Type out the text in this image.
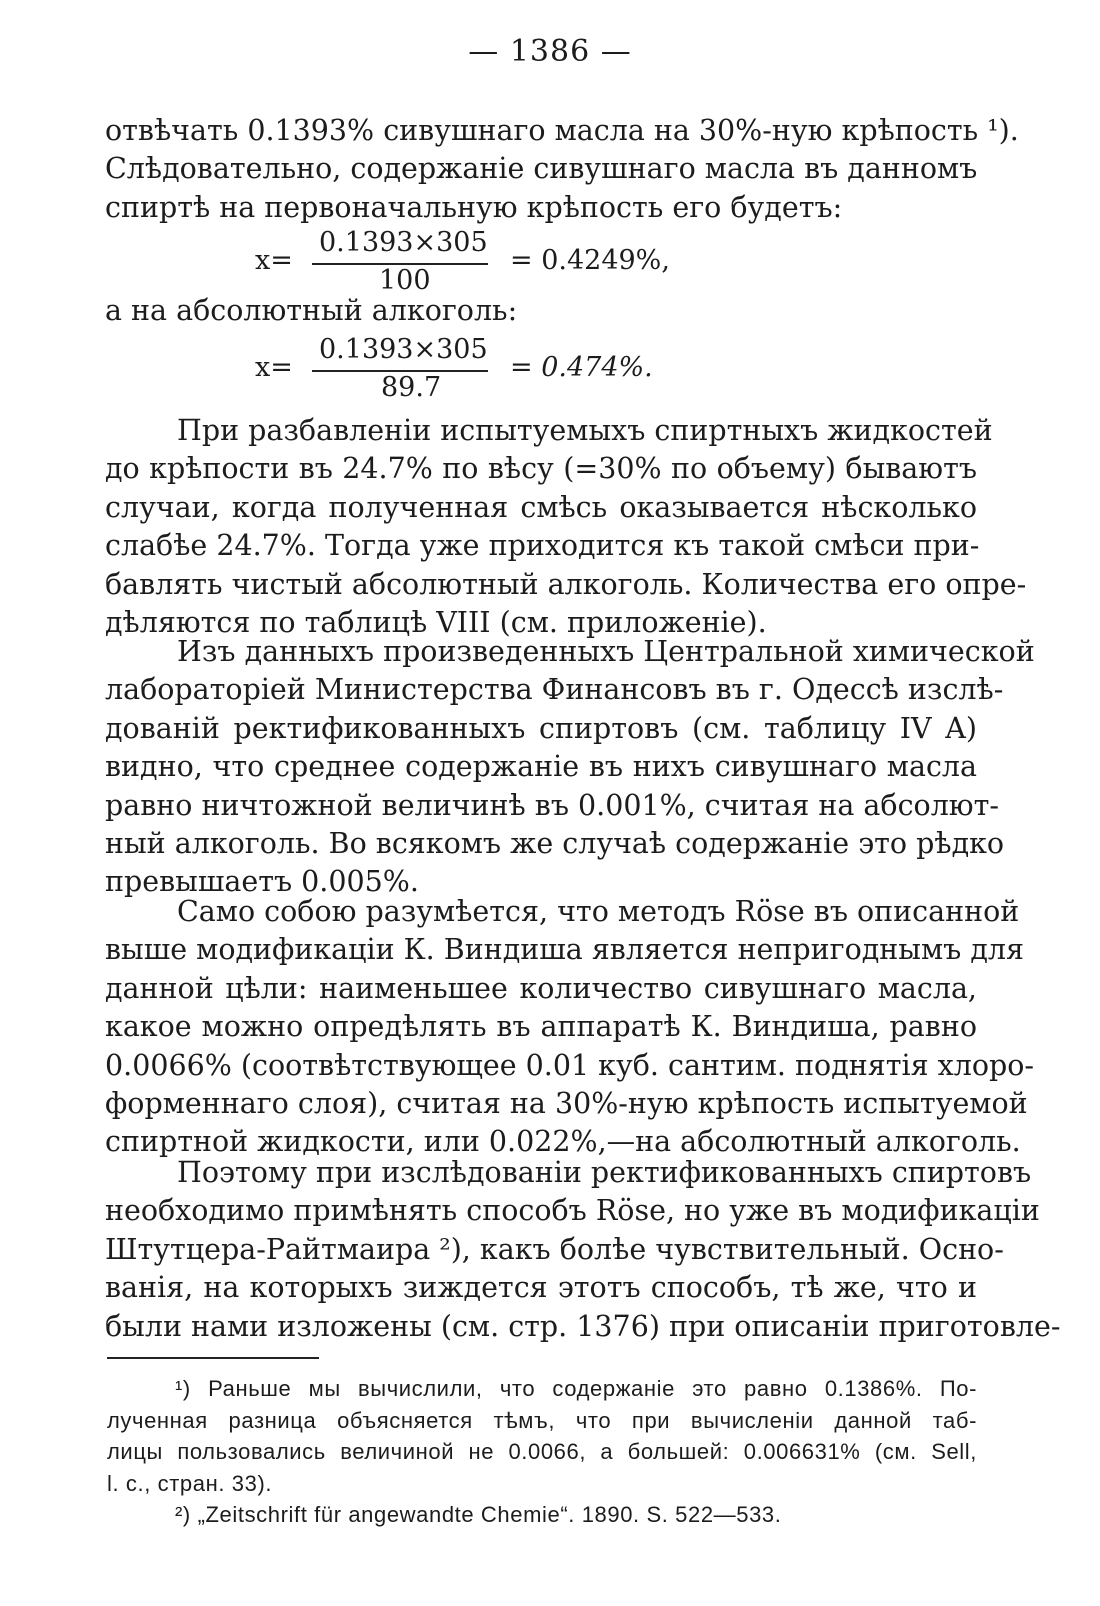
— 1386 —
отвѣчать 0.1393% сивушнаго масла на 30%-ную крѣпость ¹).
Слѣдовательно, содержаніе сивушнаго масла въ данномъ
спиртѣ на первоначальную крѣпость его будетъ:
x=
0.1393×305
100
= 0.4249%,
а на абсолютный алкоголь:
x=
0.1393×305
89.7
= 0.474%.
При разбавленіи испытуемыхъ спиртныхъ жидкостей
до крѣпости въ 24.7% по вѣсу (=30% по объему) бываютъ
случаи, когда полученная смѣсь оказывается нѣсколько
слабѣе 24.7%. Тогда уже приходится къ такой смѣси при-
бавлять чистый абсолютный алкоголь. Количества его опре-
дѣляются по таблицѣ VIII (см. приложеніе).
Изъ данныхъ произведенныхъ Центральной химической
лабораторіей Министерства Финансовъ въ г. Одессѣ изслѣ-
дованій ректификованныхъ спиртовъ (см. таблицу IV A)
видно, что среднее содержаніе въ нихъ сивушнаго масла
равно ничтожной величинѣ въ 0.001%, считая на абсолют-
ный алкоголь. Во всякомъ же случаѣ содержаніе это рѣдко
превышаетъ 0.005%.
Само собою разумѣется, что методъ Röse въ описанной
выше модификаціи К. Виндиша является непригоднымъ для
данной цѣли: наименьшее количество сивушнаго масла,
какое можно опредѣлять въ аппаратѣ К. Виндиша, равно
0.0066% (соотвѣтствующее 0.01 куб. сантим. поднятія хлоро-
форменнаго слоя), считая на 30%-ную крѣпость испытуемой
спиртной жидкости, или 0.022%,—на абсолютный алкоголь.
Поэтому при изслѣдованіи ректификованныхъ спиртовъ
необходимо примѣнять способъ Röse, но уже въ модификаціи
Штутцера-Райтмаира ²), какъ болѣе чувствительный. Осно-
ванія, на которыхъ зиждется этотъ способъ, тѣ же, что и
были нами изложены (см. стр. 1376) при описаніи приготовле-
¹) Раньше мы вычислили, что содержаніе это равно 0.1386%. По-
лученная разница объясняется тѣмъ, что при вычисленіи данной таб-
лицы пользовались величиной не 0.0066, а большей: 0.006631% (см. Sell,
l. c., стран. 33).
²) „Zeitschrift für angewandte Chemie“. 1890. S. 522—533.
